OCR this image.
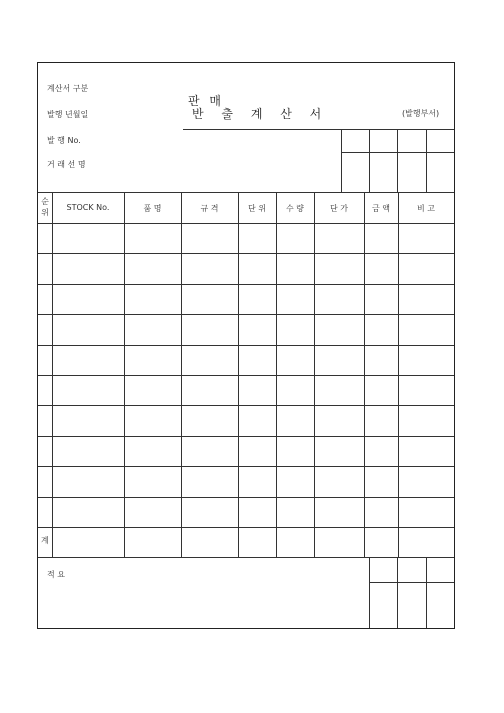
계산서 구분
발행 년월일
발 행 No.
거 래 선 명
판 매
반 출 계 산 서	(발행부서)
순
위
STOCK No.	품 명	규 격	단 위	수 량	단 가	금 액	비 고
계
적 요
